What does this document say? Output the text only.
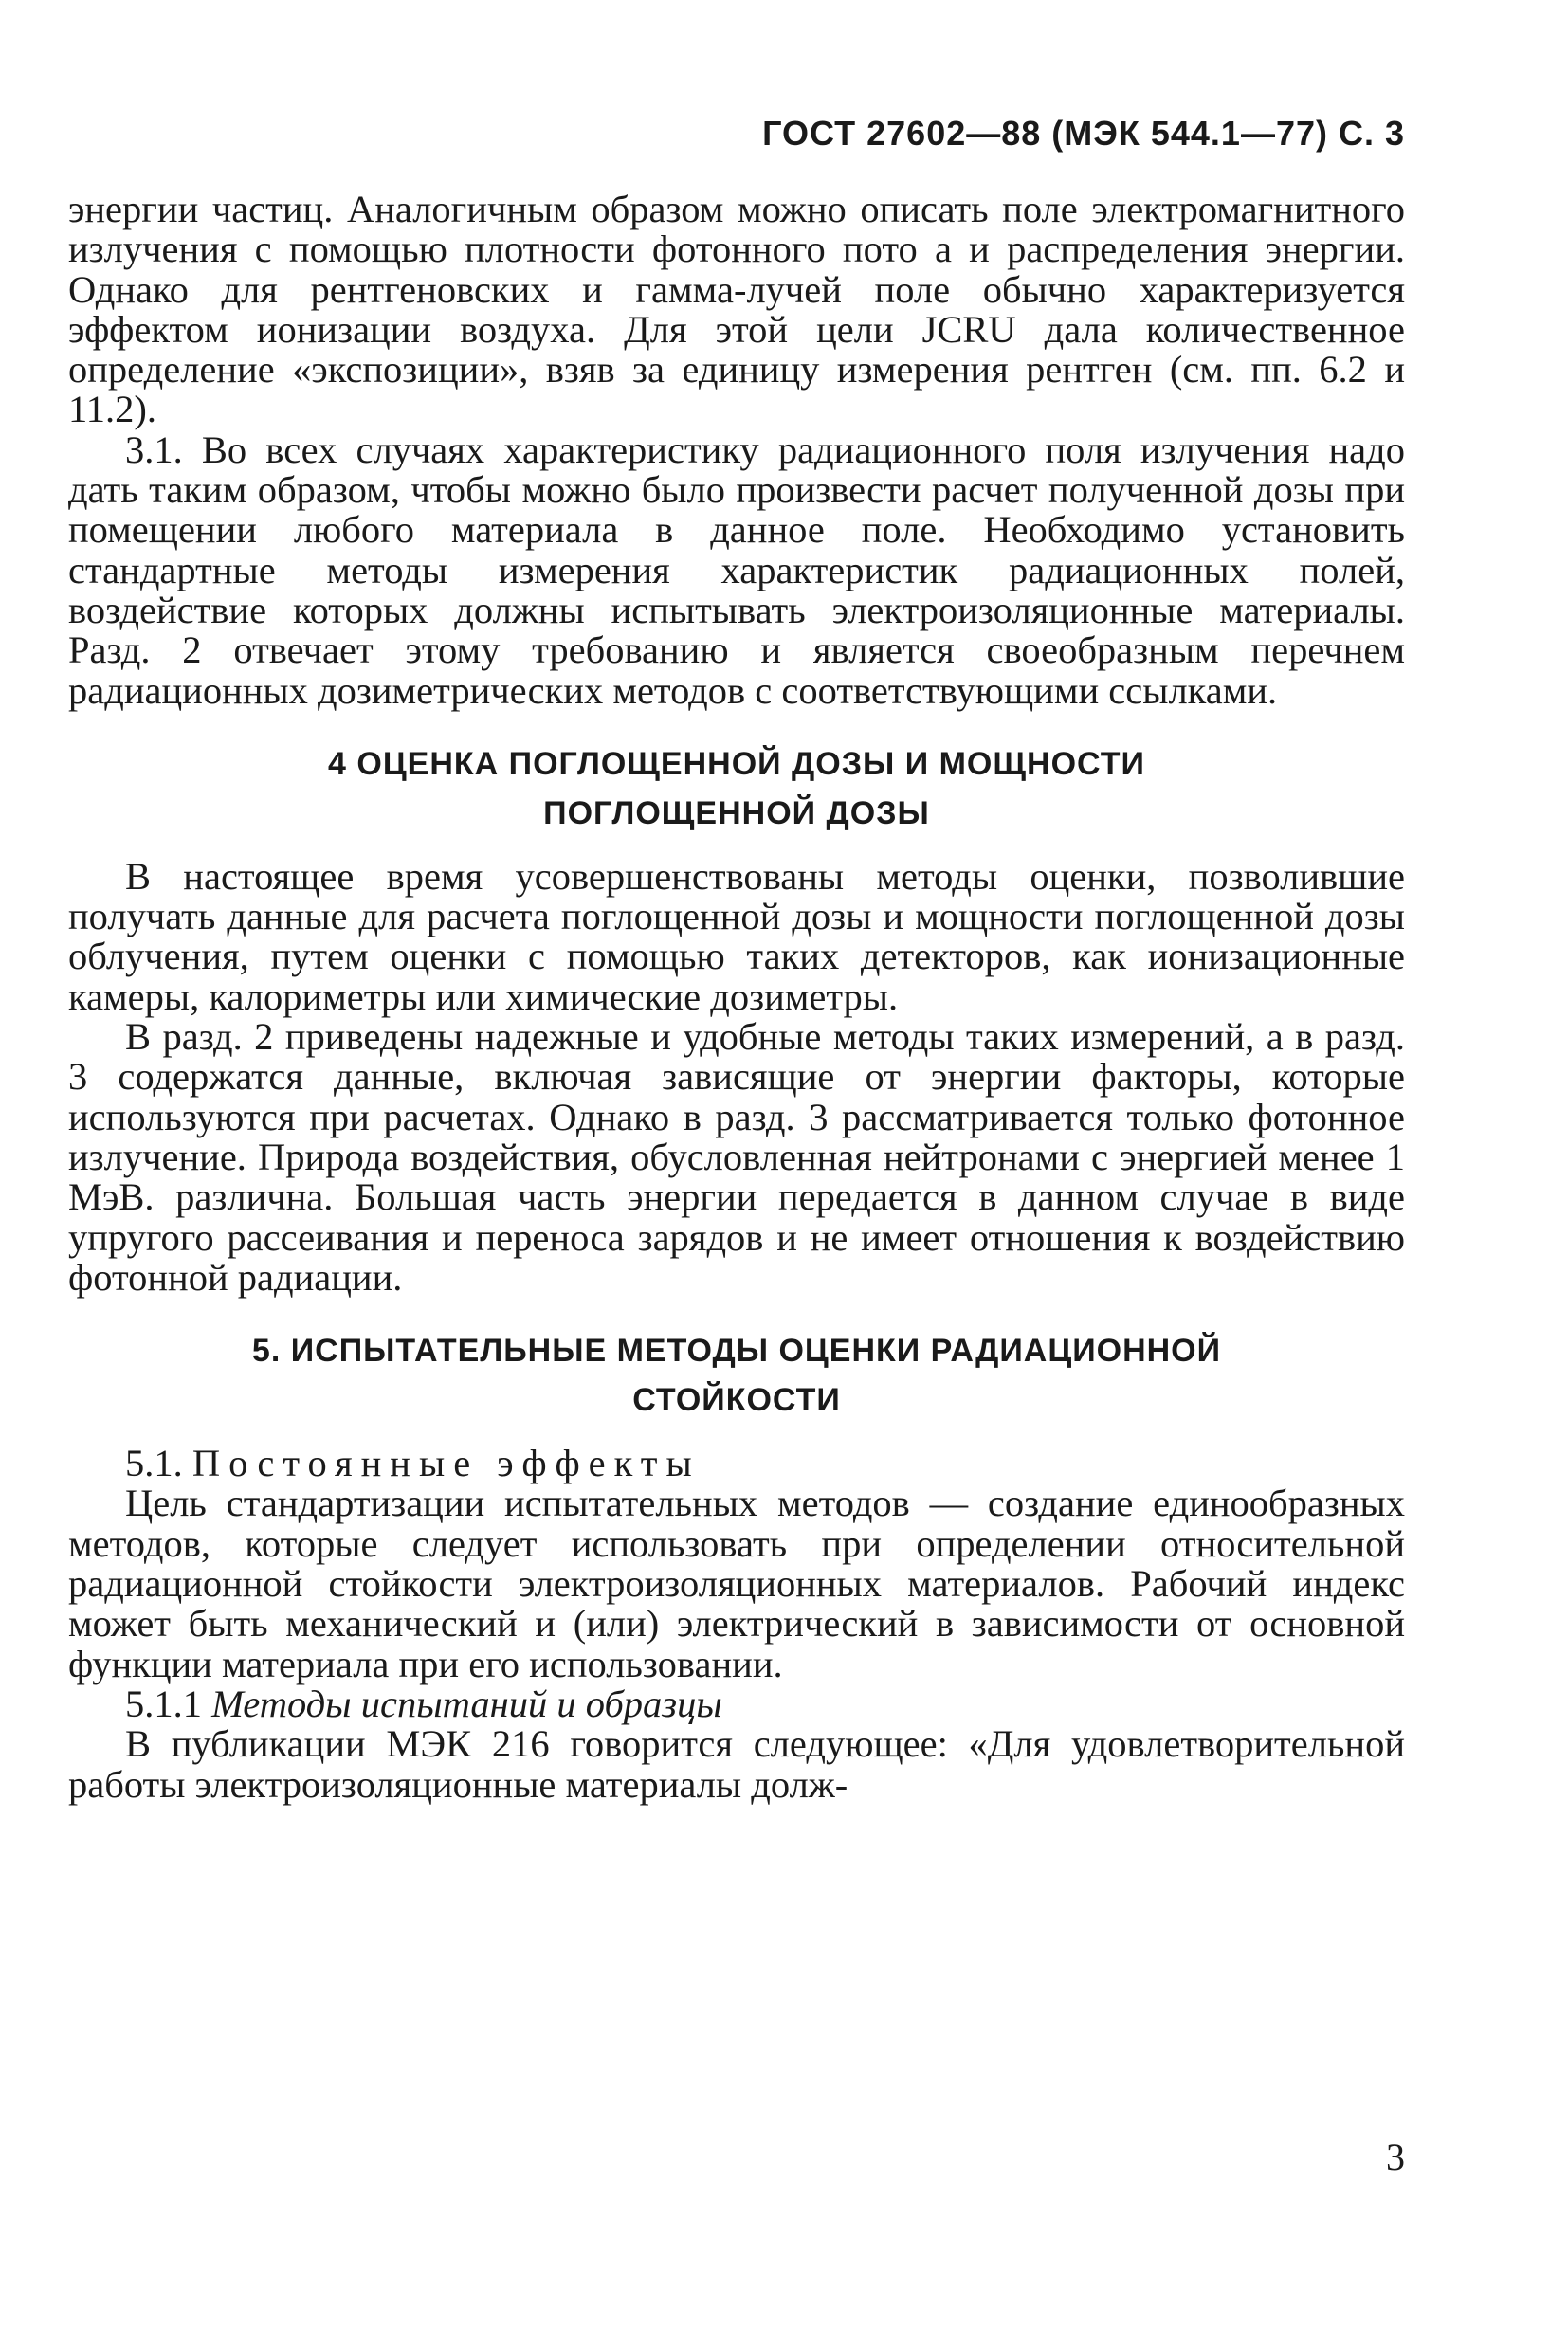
ГОСТ 27602—88 (МЭК 544.1—77) С. 3

энергии частиц. Аналогичным образом можно описать поле электромагнитного излучения с помощью плотности фотонного пото а и распределения энергии. Однако для рентгеновских и гамма-лучей поле обычно характеризуется эффектом ионизации воздуха. Для этой цели JCRU дала количественное определение «экспозиции», взяв за единицу измерения рентген (см. пп. 6.2 и 11.2).

3.1. Во всех случаях характеристику радиационного поля излучения надо дать таким образом, чтобы можно было произвести расчет полученной дозы при помещении любого материала в данное поле. Необходимо установить стандартные методы измерения характеристик радиационных полей, воздействие которых должны испытывать электроизоляционные материалы. Разд. 2 отвечает этому требованию и является своеобразным перечнем радиационных дозиметрических методов с соответствующими ссылками.

4 ОЦЕНКА ПОГЛОЩЕННОЙ ДОЗЫ И МОЩНОСТИ
ПОГЛОЩЕННОЙ ДОЗЫ

В настоящее время усовершенствованы методы оценки, позволившие получать данные для расчета поглощенной дозы и мощности поглощенной дозы облучения, путем оценки с помощью таких детекторов, как ионизационные камеры, калориметры или химические дозиметры.

В разд. 2 приведены надежные и удобные методы таких измерений, а в разд. 3 содержатся данные, включая зависящие от энергии факторы, которые используются при расчетах. Однако в разд. 3 рассматривается только фотонное излучение. Природа воздействия, обусловленная нейтронами с энергией менее 1 МэВ. различна. Большая часть энергии передается в данном случае в виде упругого рассеивания и переноса зарядов и не имеет отношения к воздействию фотонной радиации.

5. ИСПЫТАТЕЛЬНЫЕ МЕТОДЫ ОЦЕНКИ РАДИАЦИОННОЙ
СТОЙКОСТИ

5.1. Постоянные эффекты

Цель стандартизации испытательных методов — создание единообразных методов, которые следует использовать при определении относительной радиационной стойкости электроизоляционных материалов. Рабочий индекс может быть механический и (или) электрический в зависимости от основной функции материала при его использовании.

5.1.1 Методы испытаний и образцы

В публикации МЭК 216 говорится следующее: «Для удовлетворительной работы электроизоляционные материалы долж-

3
